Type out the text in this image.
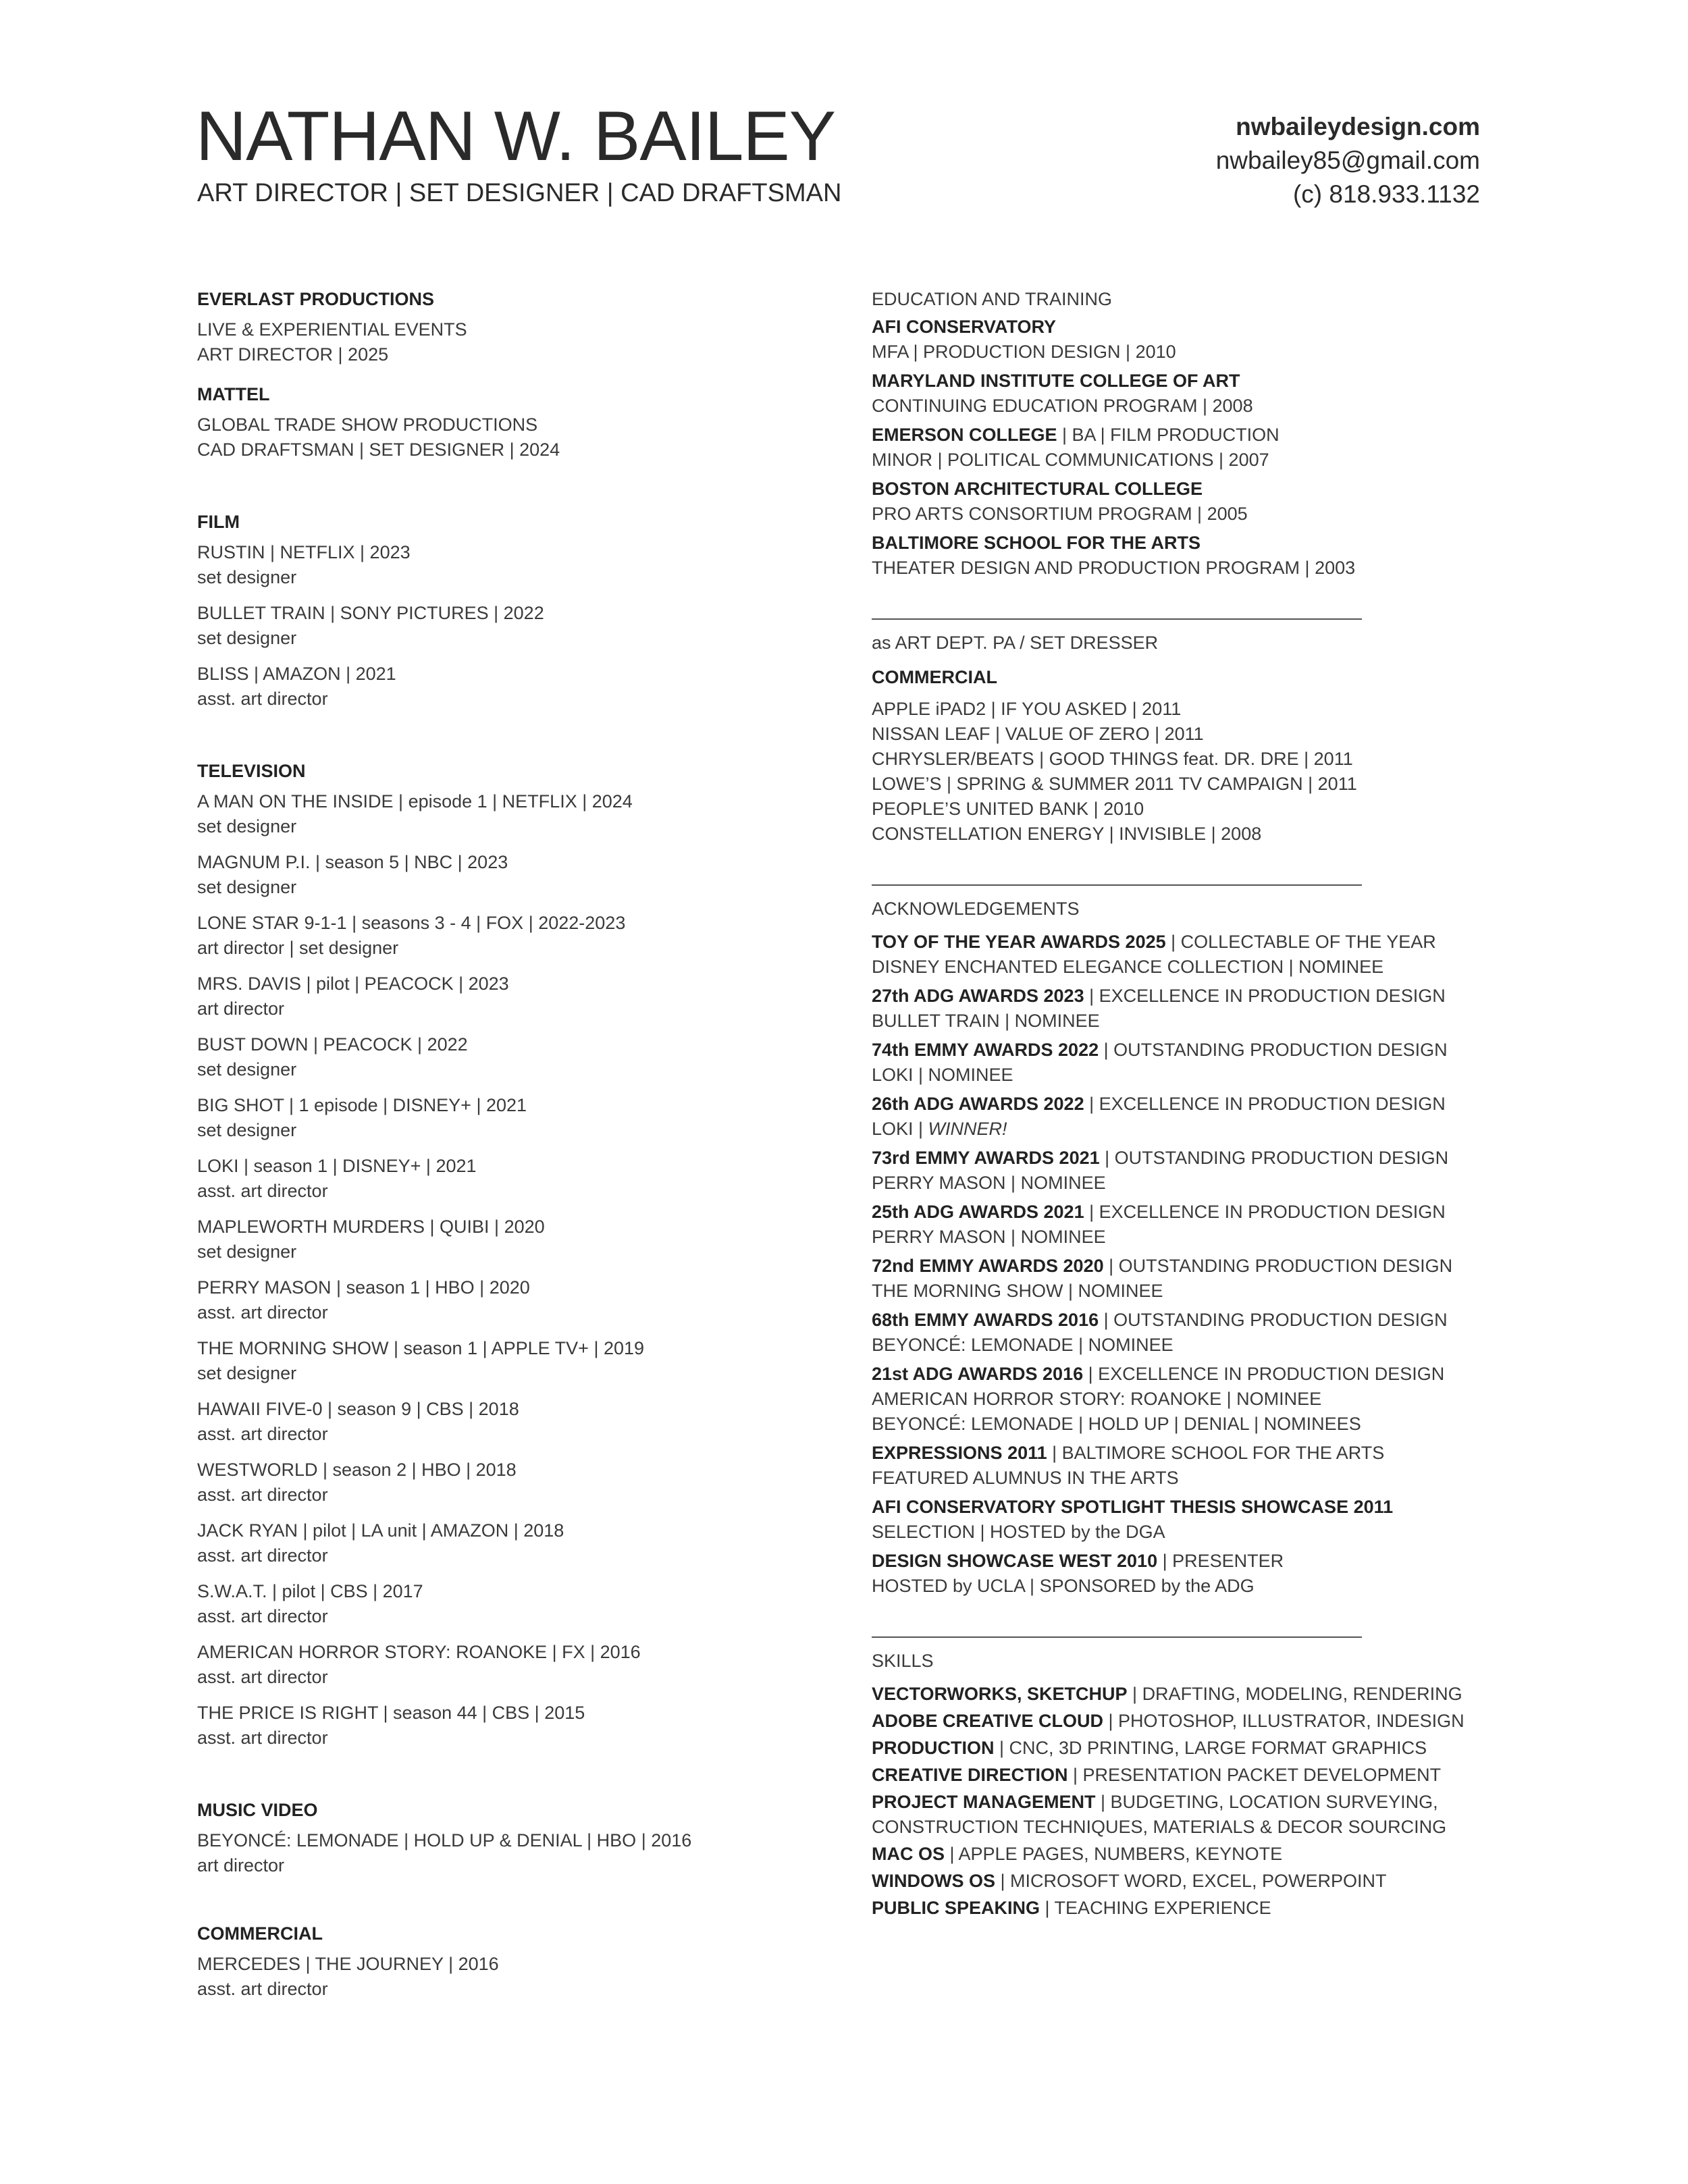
NATHAN W. BAILEY
ART DIRECTOR | SET DESIGNER | CAD DRAFTSMAN
nwbaileydesign.com
nwbailey85@gmail.com
(c) 818.933.1132
EVERLAST PRODUCTIONS
LIVE & EXPERIENTIAL EVENTS
ART DIRECTOR | 2025
MATTEL
GLOBAL TRADE SHOW PRODUCTIONS
CAD DRAFTSMAN | SET DESIGNER | 2024
FILM
RUSTIN | NETFLIX | 2023
set designer
BULLET TRAIN | SONY PICTURES | 2022
set designer
BLISS | AMAZON | 2021
asst. art director
TELEVISION
A MAN ON THE INSIDE | episode 1 | NETFLIX | 2024
set designer
MAGNUM P.I. | season 5 | NBC | 2023
set designer
LONE STAR 9-1-1 | seasons 3 - 4 | FOX | 2022-2023
art director | set designer
MRS. DAVIS | pilot | PEACOCK | 2023
art director
BUST DOWN | PEACOCK | 2022
set designer
BIG SHOT | 1 episode | DISNEY+ | 2021
set designer
LOKI | season 1 | DISNEY+ | 2021
asst. art director
MAPLEWORTH MURDERS | QUIBI | 2020
set designer
PERRY MASON | season 1 | HBO | 2020
asst. art director
THE MORNING SHOW | season 1 | APPLE TV+ | 2019
set designer
HAWAII FIVE-0 | season 9 | CBS | 2018
asst. art director
WESTWORLD | season 2 | HBO | 2018
asst. art director
JACK RYAN | pilot | LA unit | AMAZON | 2018
asst. art director
S.W.A.T. | pilot | CBS | 2017
asst. art director
AMERICAN HORROR STORY: ROANOKE | FX | 2016
asst. art director
THE PRICE IS RIGHT | season 44 | CBS | 2015
asst. art director
MUSIC VIDEO
BEYONCÉ: LEMONADE | HOLD UP & DENIAL | HBO | 2016
art director
COMMERCIAL
MERCEDES | THE JOURNEY | 2016
asst. art director
EDUCATION AND TRAINING
AFI CONSERVATORY
MFA | PRODUCTION DESIGN | 2010
MARYLAND INSTITUTE COLLEGE OF ART
CONTINUING EDUCATION PROGRAM | 2008
EMERSON COLLEGE | BA | FILM PRODUCTION
MINOR | POLITICAL COMMUNICATIONS | 2007
BOSTON ARCHITECTURAL COLLEGE
PRO ARTS CONSORTIUM PROGRAM | 2005
BALTIMORE SCHOOL FOR THE ARTS
THEATER DESIGN AND PRODUCTION PROGRAM | 2003
as ART DEPT. PA / SET DRESSER
COMMERCIAL
APPLE iPAD2 | IF YOU ASKED | 2011
NISSAN LEAF | VALUE OF ZERO | 2011
CHRYSLER/BEATS | GOOD THINGS feat. DR. DRE | 2011
LOWE’S | SPRING & SUMMER 2011 TV CAMPAIGN | 2011
PEOPLE’S UNITED BANK | 2010
CONSTELLATION ENERGY | INVISIBLE | 2008
ACKNOWLEDGEMENTS
TOY OF THE YEAR AWARDS 2025 | COLLECTABLE OF THE YEAR
DISNEY ENCHANTED ELEGANCE COLLECTION | NOMINEE
27th ADG AWARDS 2023 | EXCELLENCE IN PRODUCTION DESIGN
BULLET TRAIN | NOMINEE
74th EMMY AWARDS 2022 | OUTSTANDING PRODUCTION DESIGN
LOKI | NOMINEE
26th ADG AWARDS 2022 | EXCELLENCE IN PRODUCTION DESIGN
LOKI | WINNER!
73rd EMMY AWARDS 2021 | OUTSTANDING PRODUCTION DESIGN
PERRY MASON | NOMINEE
25th ADG AWARDS 2021 | EXCELLENCE IN PRODUCTION DESIGN
PERRY MASON | NOMINEE
72nd EMMY AWARDS 2020 | OUTSTANDING PRODUCTION DESIGN
THE MORNING SHOW | NOMINEE
68th EMMY AWARDS 2016 | OUTSTANDING PRODUCTION DESIGN
BEYONCÉ: LEMONADE | NOMINEE
21st ADG AWARDS 2016 | EXCELLENCE IN PRODUCTION DESIGN
AMERICAN HORROR STORY: ROANOKE | NOMINEE
BEYONCÉ: LEMONADE | HOLD UP | DENIAL | NOMINEES
EXPRESSIONS 2011 | BALTIMORE SCHOOL FOR THE ARTS
FEATURED ALUMNUS IN THE ARTS
AFI CONSERVATORY SPOTLIGHT THESIS SHOWCASE 2011
SELECTION | HOSTED by the DGA
DESIGN SHOWCASE WEST 2010 | PRESENTER
HOSTED by UCLA | SPONSORED by the ADG
SKILLS
VECTORWORKS, SKETCHUP | DRAFTING, MODELING, RENDERING
ADOBE CREATIVE CLOUD | PHOTOSHOP, ILLUSTRATOR, INDESIGN
PRODUCTION | CNC, 3D PRINTING, LARGE FORMAT GRAPHICS
CREATIVE DIRECTION | PRESENTATION PACKET DEVELOPMENT
PROJECT MANAGEMENT | BUDGETING, LOCATION SURVEYING,
CONSTRUCTION TECHNIQUES, MATERIALS & DECOR SOURCING
MAC OS | APPLE PAGES, NUMBERS, KEYNOTE
WINDOWS OS | MICROSOFT WORD, EXCEL, POWERPOINT
PUBLIC SPEAKING | TEACHING EXPERIENCE
